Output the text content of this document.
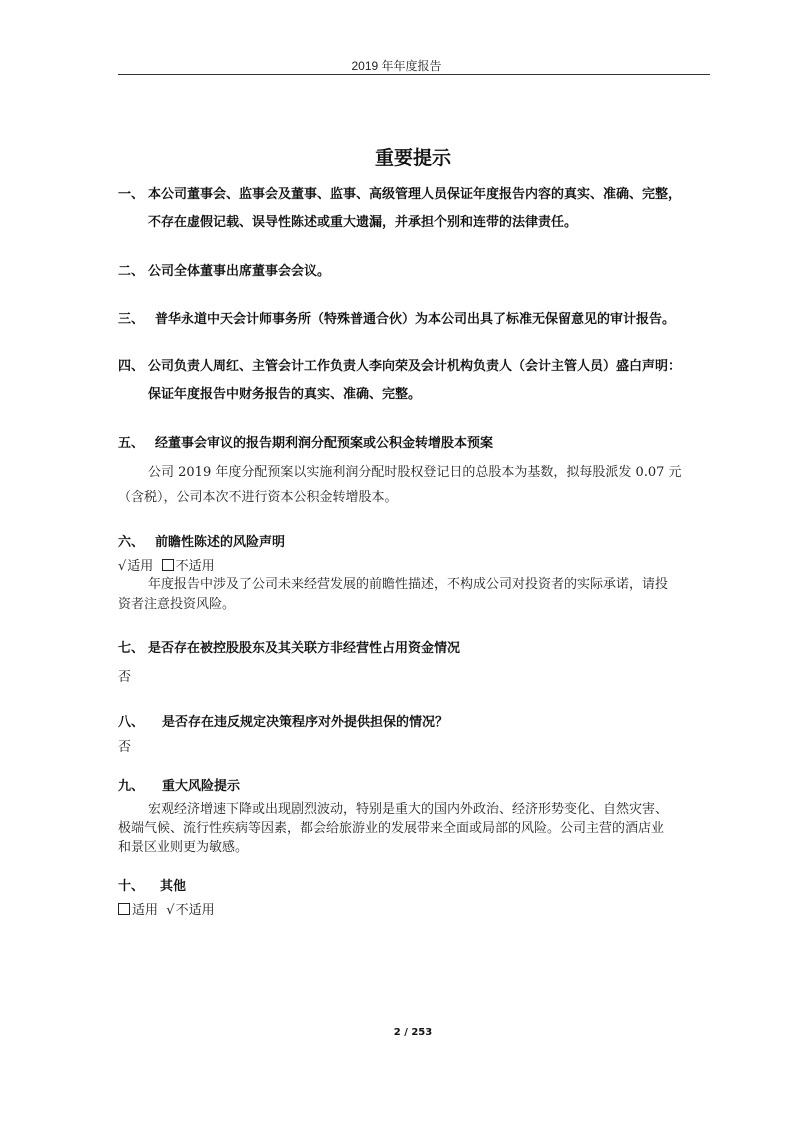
2019 年年度报告
重要提示
一、 本公司董事会、监事会及董事、监事、高级管理人员保证年度报告内容的真实、准确、完整，
不存在虚假记载、误导性陈述或重大遗漏，并承担个别和连带的法律责任。
二、 公司全体董事出席董事会会议。
三、 普华永道中天会计师事务所（特殊普通合伙）为本公司出具了标准无保留意见的审计报告。
四、 公司负责人周红、主管会计工作负责人李向荣及会计机构负责人（会计主管人员）盛白声明：
保证年度报告中财务报告的真实、准确、完整。
五、 经董事会审议的报告期利润分配预案或公积金转增股本预案
公司 2019 年度分配预案以实施利润分配时股权登记日的总股本为基数，拟每股派发 0.07 元
（含税），公司本次不进行资本公积金转增股本。
六、 前瞻性陈述的风险声明
√适用 不适用
年度报告中涉及了公司未来经营发展的前瞻性描述，不构成公司对投资者的实际承诺，请投
资者注意投资风险。
七、 是否存在被控股股东及其关联方非经营性占用资金情况
否
八、 是否存在违反规定决策程序对外提供担保的情况？
否
九、 重大风险提示
宏观经济增速下降或出现剧烈波动，特别是重大的国内外政治、经济形势变化、自然灾害、
极端气候、流行性疾病等因素，都会给旅游业的发展带来全面或局部的风险。公司主营的酒店业
和景区业则更为敏感。
十、 其他
适用 √不适用
2 / 253
